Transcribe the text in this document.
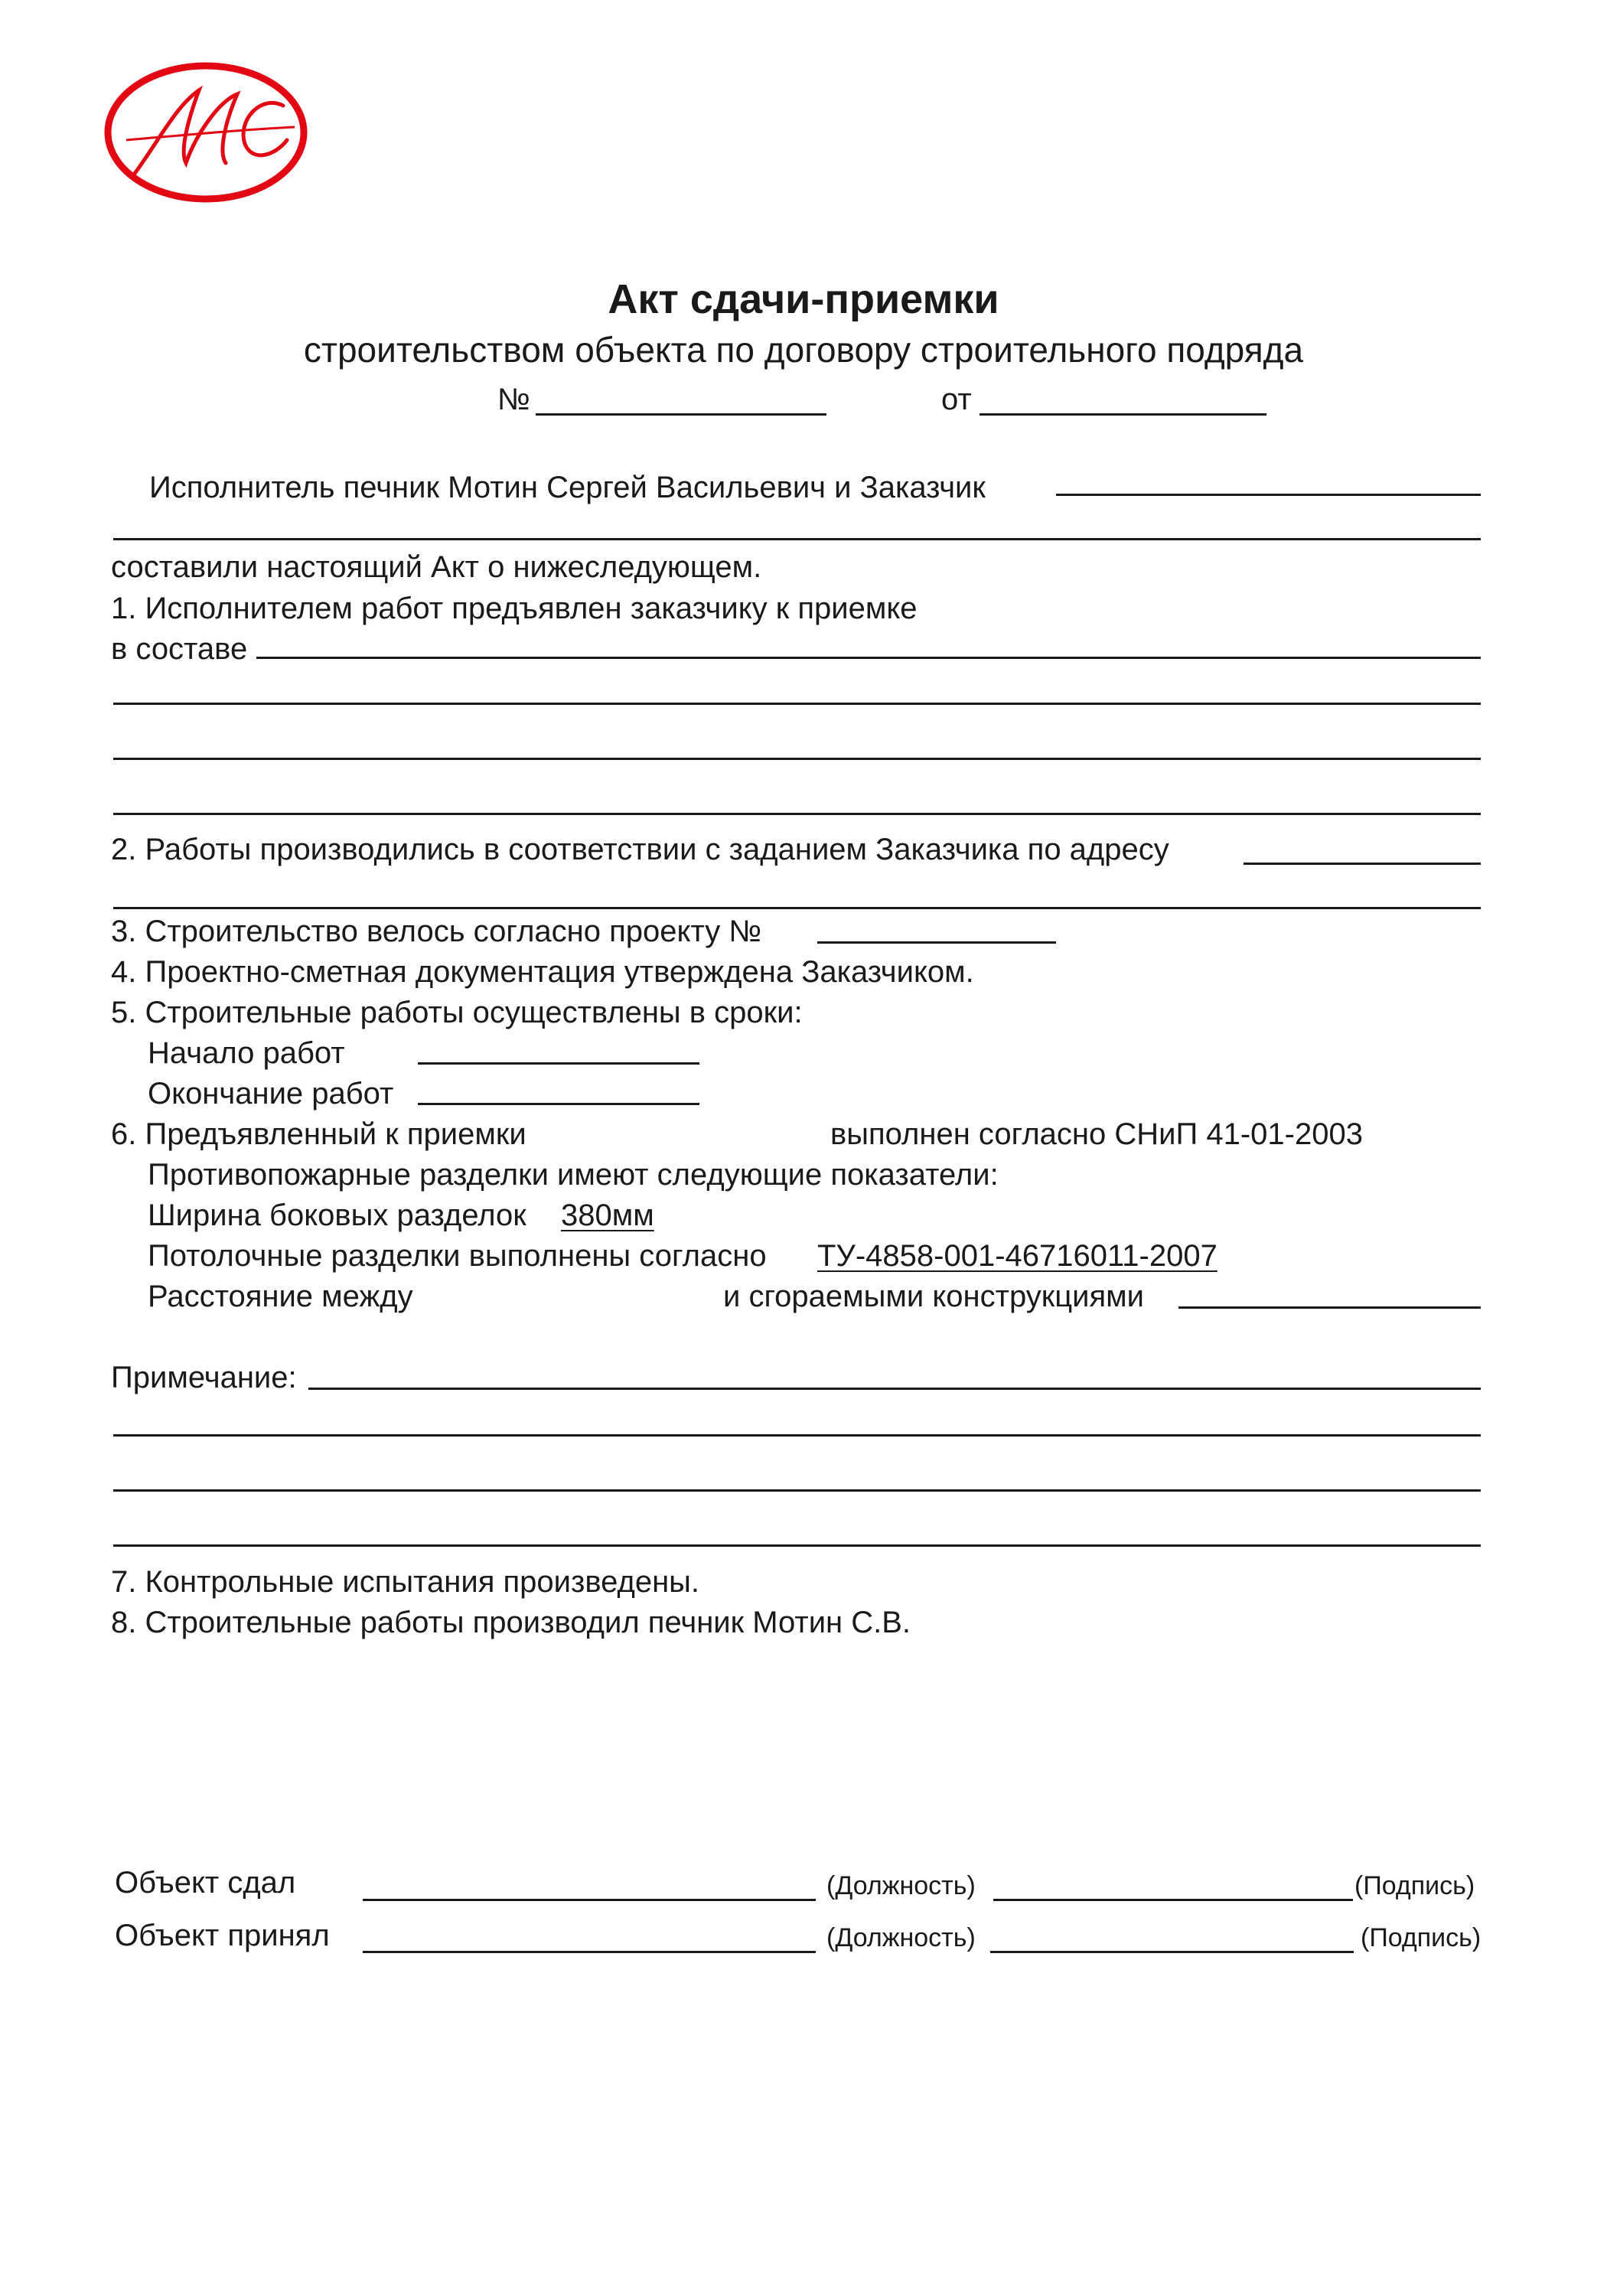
Акт сдачи-приемки
строительством объекта по договору строительного подряда
№	от
Исполнитель печник Мотин Сергей Васильевич и Заказчик
составили настоящий Акт о нижеследующем.
1. Исполнителем работ предъявлен заказчику к приемке
в составе
2. Работы производились в соответствии с заданием Заказчика по адресу
3. Строительство велось согласно проекту №
4. Проектно-сметная документация утверждена Заказчиком.
5. Строительные работы осуществлены в сроки:
Начало работ
Окончание работ
6. Предъявленный к приемки	выполнен согласно СНиП 41-01-2003
Противопожарные разделки имеют следующие показатели:
Ширина боковых разделок 380мм
Потолочные разделки выполнены согласно ТУ-4858-001-46716011-2007
Расстояние между	и сгораемыми конструкциями
Примечание:
7. Контрольные испытания произведены.
8. Строительные работы производил печник Мотин С.В.
Объект сдал	(Должность)	(Подпись)
Объект принял	(Должность)	(Подпись)
